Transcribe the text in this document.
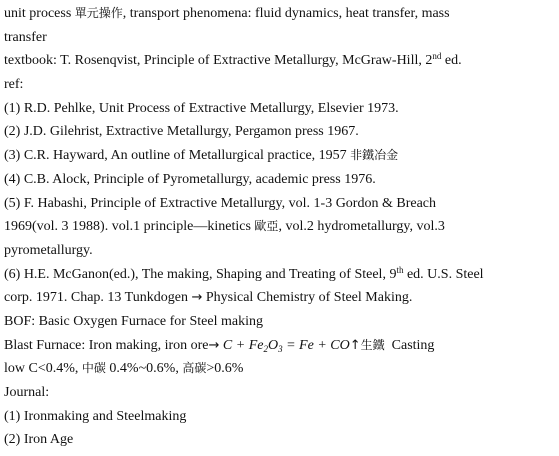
unit process 單元操作, transport phenomena: fluid dynamics, heat transfer, mass
transfer
textbook: T. Rosenqvist, Principle of Extractive Metallurgy, McGraw-Hill, 2nd ed.
ref:
(1) R.D. Pehlke, Unit Process of Extractive Metallurgy, Elsevier 1973.
(2) J.D. Gilehrist, Extractive Metallurgy, Pergamon press 1967.
(3) C.R. Hayward, An outline of Metallurgical practice, 1957 非鐵冶金
(4) C.B. Alock, Principle of Pyrometallurgy, academic press 1976.
(5) F. Habashi, Principle of Extractive Metallurgy, vol. 1-3 Gordon & Breach
1969(vol. 3 1988). vol.1 principle—kinetics 歐亞, vol.2 hydrometallurgy, vol.3
pyrometallurgy.
(6) H.E. McGanon(ed.), The making, Shaping and Treating of Steel, 9th ed. U.S. Steel
corp. 1971. Chap. 13 Tunkdogen → Physical Chemistry of Steel Making.
BOF: Basic Oxygen Furnace for Steel making
Blast Furnace: Iron making, iron $ore\to C + Fe_2O_3 = Fe$ + CO↑生鐵  Casting
low C<0.4%, 中碳 0.4%~0.6%, 高碳>0.6%
Journal:
(1) Ironmaking and Steelmaking
(2) Iron Age
